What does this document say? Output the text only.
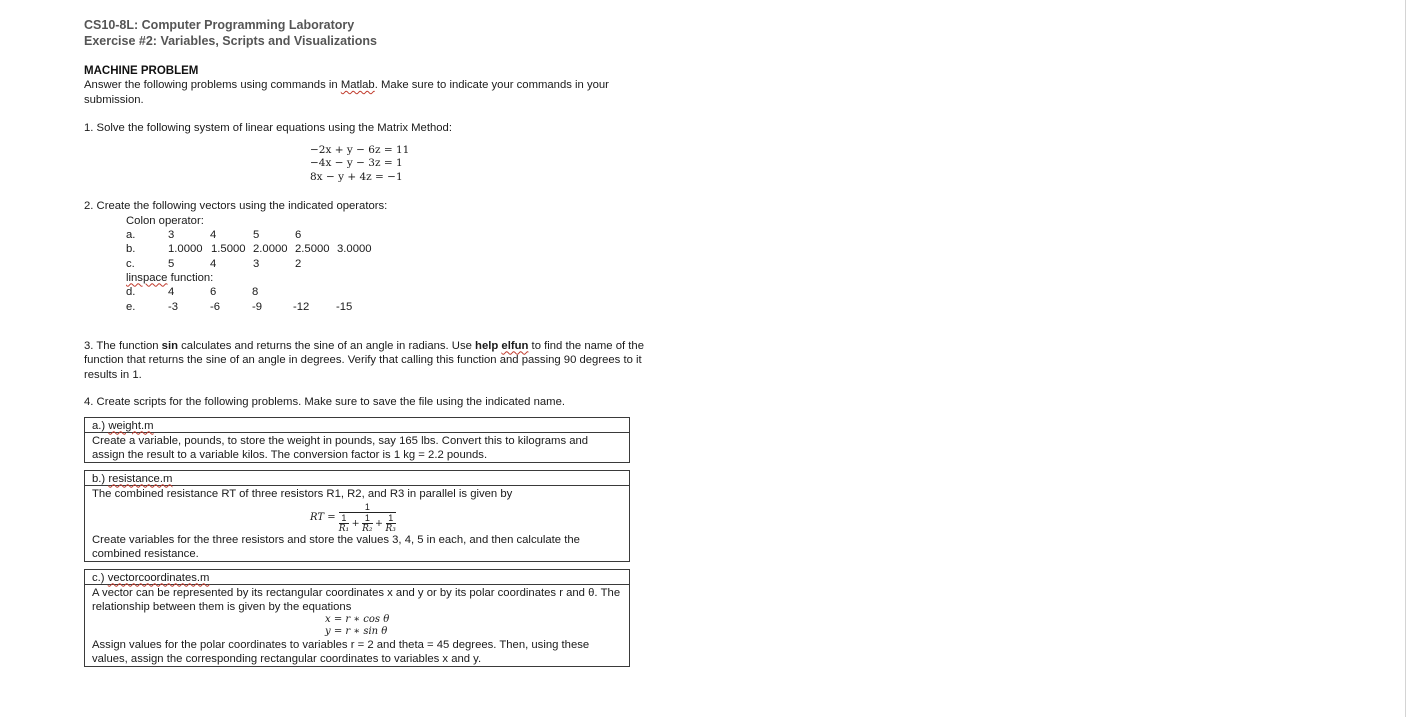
CS10-8L: Computer Programming Laboratory
Exercise #2: Variables, Scripts and Visualizations
MACHINE PROBLEM
Answer the following problems using commands in Matlab. Make sure to indicate your commands in your submission.
1. Solve the following system of linear equations using the Matrix Method:
−2x + y − 6z = 11
−4x − y − 3z = 1
8x − y + 4z = −1
2. Create the following vectors using the indicated operators:
Colon operator:
a.	3	4	5	6
b.	1.0000 1.5000 2.0000 2.5000 3.0000
c.	5	4	3	2
linspace function:
d.	4	6	8
e.	-3	-6	-9	-12 -15
3. The function sin calculates and returns the sine of an angle in radians. Use help elfun to find the name of the function that returns the sine of an angle in degrees. Verify that calling this function and passing 90 degrees to it results in 1.
4. Create scripts for the following problems. Make sure to save the file using the indicated name.
a.) weight.m
Create a variable, pounds, to store the weight in pounds, say 165 lbs. Convert this to kilograms and assign the result to a variable kilos. The conversion factor is 1 kg = 2.2 pounds.
b.) resistance.m
The combined resistance RT of three resistors R1, R2, and R3 in parallel is given by
RT =
1
$\frac{1}{\text{R₁}} + \frac{1}{\text{R₂}} + \frac{1}{\text{R₃}}$
Create variables for the three resistors and store the values 3, 4, 5 in each, and then calculate the combined resistance.
c.) vectorcoordinates.m
A vector can be represented by its rectangular coordinates x and y or by its polar coordinates r and θ. The relationship between them is given by the equations
x = r ∗ cos θ
y = r ∗ sin θ
Assign values for the polar coordinates to variables r = 2 and theta = 45 degrees. Then, using these values, assign the corresponding rectangular coordinates to variables x and y.
